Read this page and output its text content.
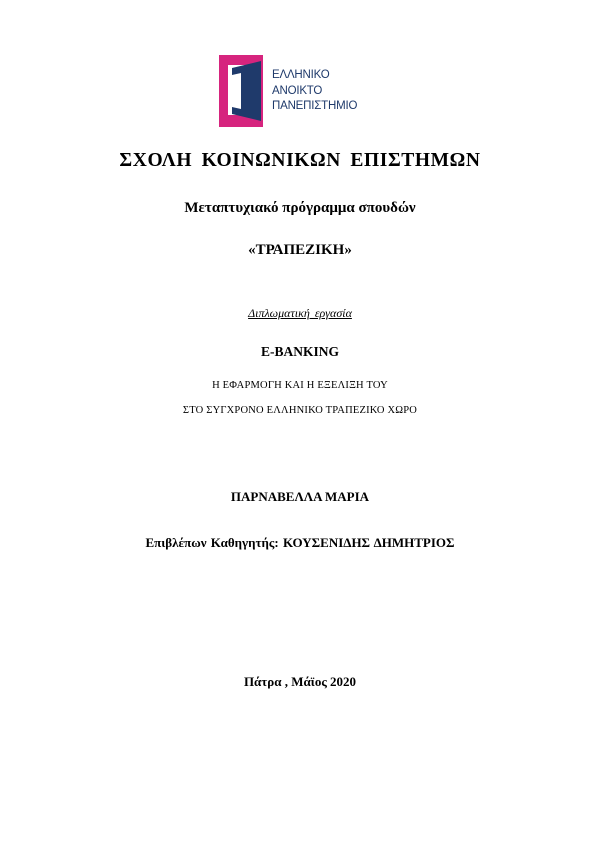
ΕΛΛΗΝΙΚΟ
ΑΝΟΙΚΤΟ
ΠΑΝΕΠΙΣΤΗΜΙΟ
ΣΧΟΛΗ ΚΟΙΝΩΝΙΚΩΝ ΕΠΙΣΤΗΜΩΝ
Μεταπτυχιακό πρόγραμμα σπουδών
«ΤΡΑΠΕΖΙΚΗ»
Διπλωματική εργασία
E-BANKING
Η ΕΦΑΡΜΟΓΗ ΚΑΙ Η ΕΞΕΛΙΞΗ ΤΟΥ
ΣΤΟ ΣΥΓΧΡΟΝΟ ΕΛΛΗΝΙΚΟ ΤΡΑΠΕΖΙΚΟ ΧΩΡΟ
ΠΑΡΝΑΒΕΛΛΑ ΜΑΡΙΑ
Επιβλέπων Καθηγητής: ΚΟΥΣΕΝΙΔΗΣ ΔΗΜΗΤΡΙΟΣ
Πάτρα , Μάϊος 2020
